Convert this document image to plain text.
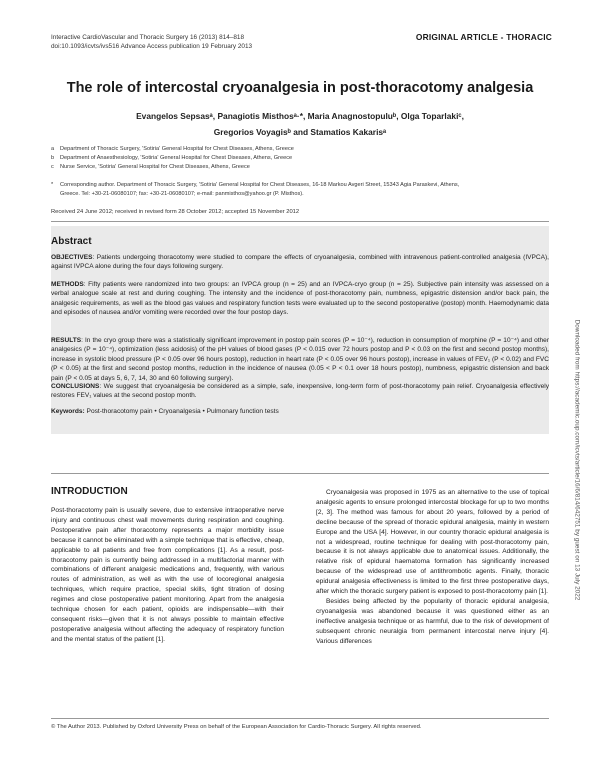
Interactive CardioVascular and Thoracic Surgery 16 (2013) 814–818
doi:10.1093/icvts/ivs516 Advance Access publication 19 February 2013
ORIGINAL ARTICLE - THORACIC
The role of intercostal cryoanalgesia in post-thoracotomy analgesia
Evangelos Sepsasᵃ, Panagiotis Misthosᵃ·*, Maria Anagnostopuluᵇ, Olga Toparlakiᶜ,
Gregorios Voyagisᵇ and Stamatios Kakarisᵃ
a Department of Thoracic Surgery, 'Sotiria' General Hospital for Chest Diseases, Athens, Greece
b Department of Anaesthesiology, 'Sotiria' General Hospital for Chest Diseases, Athens, Greece
c Nurse Service, 'Sotiria' General Hospital for Chest Diseases, Athens, Greece
* Corresponding author. Department of Thoracic Surgery, 'Sotiria' General Hospital for Chest Diseases, 16-18 Markou Avgeri Street, 15343 Agia Paraskevi, Athens,
Greece. Tel: +30-21-06080107; fax: +30-21-06080107; e-mail: panmisthos@yahoo.gr (P. Misthos).
Received 24 June 2012; received in revised form 28 October 2012; accepted 15 November 2012
Abstract
OBJECTIVES: Patients undergoing thoracotomy were studied to compare the effects of cryoanalgesia, combined with intravenous patient-controlled analgesia (IVPCA), against IVPCA alone during the four days following surgery.
METHODS: Fifty patients were randomized into two groups: an IVPCA group (n = 25) and an IVPCA-cryo group (n = 25). Subjective pain intensity was assessed on a verbal analogue scale at rest and during coughing. The intensity and the incidence of post-thoracotomy pain, numbness, epigastric distension and/or back pain, the analgesic requirements, as well as the blood gas values and respiratory function tests were evaluated up to the second postoperative (postop) month. Haemodynamic data and episodes of nausea and/or vomiting were recorded over the four postop days.
RESULTS: In the cryo group there was a statistically significant improvement in postop pain scores (P = 10⁻⁴), reduction in consumption of morphine (P = 10⁻⁴) and other analgesics (P = 10⁻⁴), optimization (less acidosis) of the pH values of blood gases (P < 0.015 over 72 hours postop and P < 0.03 on the first and second postop months), increase in systolic blood pressure (P < 0.05 over 96 hours postop), reduction in heart rate (P < 0.05 over 96 hours postop), increase in values of FEV₁ (P < 0.02) and FVC (P < 0.05) at the first and second postop months, reduction in the incidence of nausea (0.05 < P < 0.1 over 18 hours postop), numbness, epigastric distension and back pain (P < 0.05 at days 5, 6, 7, 14, 30 and 60 following surgery).
CONCLUSIONS: We suggest that cryoanalgesia be considered as a simple, safe, inexpensive, long-term form of post-thoracotomy pain relief. Cryoanalgesia effectively restores FEV₁ values at the second postop month.
Keywords: Post-thoracotomy pain • Cryoanalgesia • Pulmonary function tests
INTRODUCTION

Post-thoracotomy pain is usually severe, due to extensive intraoperative nerve injury and continuous chest wall movements during respiration and coughing. Postoperative pain after thoracotomy represents a major morbidity issue because it cannot be eliminated with a simple technique that is effective, cheap, applicable to all patients and free from complications [1]. As a result, post-thoracotomy pain is currently being addressed in a multifactorial manner with combinations of different analgesic medications and, frequently, with various routes of administration, as well as with the use of locoregional analgesia techniques, which require practice, special skills, tight titration of dosing regimes and close postoperative patient monitoring. Apart from the analgesia technique chosen for each patient, opioids are indispensable—with their consequent risks—given that it is not always possible to maintain effective postoperative analgesia without affecting the adequacy of respiratory function and the mental status of the patient [1].

Cryoanalgesia was proposed in 1975 as an alternative to the use of topical analgesic agents to ensure prolonged intercostal blockage for up to two months [2, 3]. The method was famous for about 20 years, followed by a period of decline because of the spread of thoracic epidural analgesia, mainly in western Europe and the USA [4]. However, in our country thoracic epidural analgesia is not a widespread, routine technique for dealing with post-thoracotomy pain, because it is not always applicable due to anatomical issues. Additionally, the relative risk of epidural haematoma formation has significantly increased because of the widespread use of antithrombotic agents. Finally, thoracic epidural analgesia effectiveness is limited to the first three postoperative days, after which the thoracic surgery patient is exposed to post-thoracotomy pain [1].

Besides being affected by the popularity of thoracic epidural analgesia, cryoanalgesia was abandoned because it was questioned either as an ineffective analgesia technique or as harmful, due to the risk of development of subsequent chronic neuralgia from permanent intercostal nerve injury [4]. Various differences

© The Author 2013. Published by Oxford University Press on behalf of the European Association for Cardio-Thoracic Surgery. All rights reserved.
Downloaded from https://academic.oup.com/icvts/article/16/6/814/642751 by guest on 13 July 2022
